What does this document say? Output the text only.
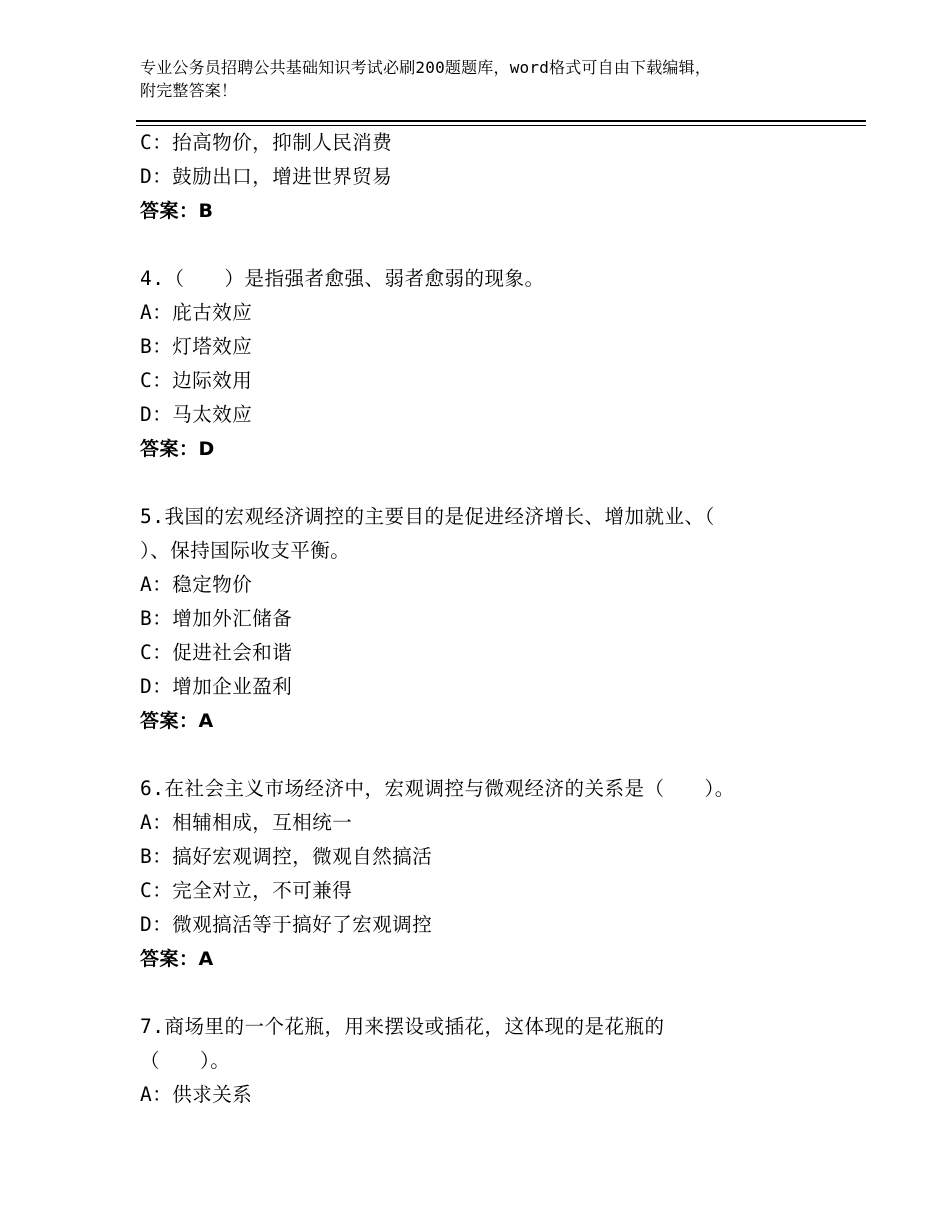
专业公务员招聘公共基础知识考试必刷200题题库，word格式可自由下载编辑，
附完整答案！
C：抬高物价，抑制人民消费
D：鼓励出口，增进世界贸易
答案：B
4.（　　）是指强者愈强、弱者愈弱的现象。
A：庇古效应
B：灯塔效应
C：边际效用
D：马太效应
答案：D
5.我国的宏观经济调控的主要目的是促进经济增长、增加就业、（
）、保持国际收支平衡。
A：稳定物价
B：增加外汇储备
C：促进社会和谐
D：增加企业盈利
答案：A
6.在社会主义市场经济中，宏观调控与微观经济的关系是（　　）。
A：相辅相成，互相统一
B：搞好宏观调控，微观自然搞活
C：完全对立，不可兼得
D：微观搞活等于搞好了宏观调控
答案：A
7.商场里的一个花瓶，用来摆设或插花，这体现的是花瓶的
（　　）。
A：供求关系
